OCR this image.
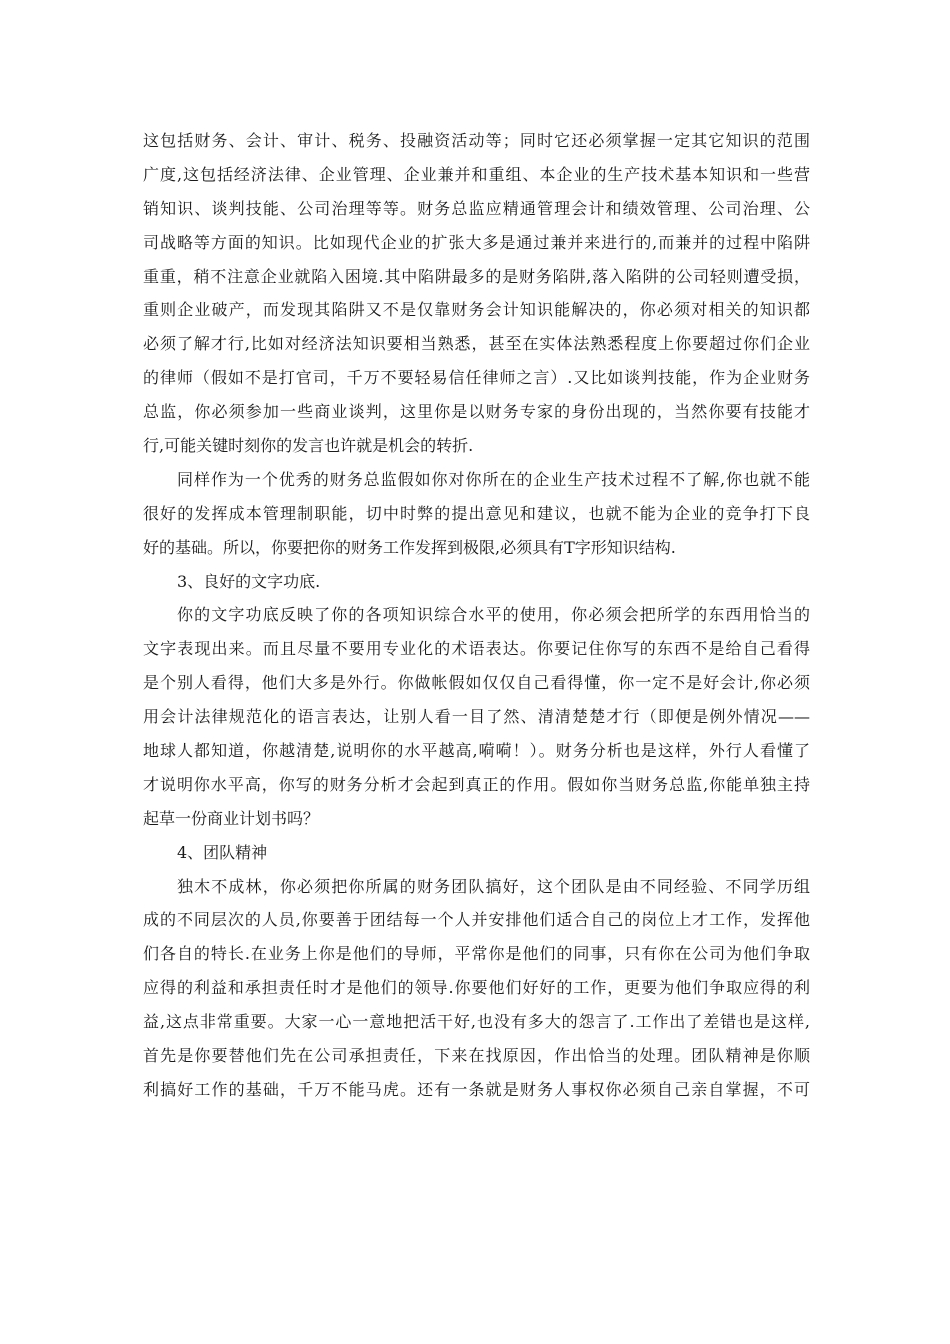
这包括财务、会计、审计、税务、投融资活动等；同时它还必须掌握一定其它知识的范围
广度,这包括经济法律、企业管理、企业兼并和重组、本企业的生产技术基本知识和一些营
销知识、谈判技能、公司治理等等。财务总监应精通管理会计和绩效管理、公司治理、公
司战略等方面的知识。比如现代企业的扩张大多是通过兼并来进行的,而兼并的过程中陷阱
重重，稍不注意企业就陷入困境.其中陷阱最多的是财务陷阱,落入陷阱的公司轻则遭受损，
重则企业破产，而发现其陷阱又不是仅靠财务会计知识能解决的，你必须对相关的知识都
必须了解才行,比如对经济法知识要相当熟悉，甚至在实体法熟悉程度上你要超过你们企业
的律师（假如不是打官司，千万不要轻易信任律师之言）.又比如谈判技能，作为企业财务
总监，你必须参加一些商业谈判，这里你是以财务专家的身份出现的，当然你要有技能才
行,可能关键时刻你的发言也许就是机会的转折.
同样作为一个优秀的财务总监假如你对你所在的企业生产技术过程不了解,你也就不能
很好的发挥成本管理制职能，切中时弊的提出意见和建议，也就不能为企业的竞争打下良
好的基础。所以，你要把你的财务工作发挥到极限,必须具有T字形知识结构.
3、良好的文字功底.
你的文字功底反映了你的各项知识综合水平的使用，你必须会把所学的东西用恰当的
文字表现出来。而且尽量不要用专业化的术语表达。你要记住你写的东西不是给自己看得
是个别人看得，他们大多是外行。你做帐假如仅仅自己看得懂，你一定不是好会计,你必须
用会计法律规范化的语言表达，让别人看一目了然、清清楚楚才行（即便是例外情况——
地球人都知道，你越清楚,说明你的水平越高,嗬嗬！）。财务分析也是这样，外行人看懂了
才说明你水平高，你写的财务分析才会起到真正的作用。假如你当财务总监,你能单独主持
起草一份商业计划书吗？
4、团队精神
独木不成林，你必须把你所属的财务团队搞好，这个团队是由不同经验、不同学历组
成的不同层次的人员,你要善于团结每一个人并安排他们适合自己的岗位上才工作，发挥他
们各自的特长.在业务上你是他们的导师，平常你是他们的同事，只有你在公司为他们争取
应得的利益和承担责任时才是他们的领导.你要他们好好的工作，更要为他们争取应得的利
益,这点非常重要。大家一心一意地把活干好,也没有多大的怨言了.工作出了差错也是这样,
首先是你要替他们先在公司承担责任，下来在找原因，作出恰当的处理。团队精神是你顺
利搞好工作的基础，千万不能马虎。还有一条就是财务人事权你必须自己亲自掌握，不可
